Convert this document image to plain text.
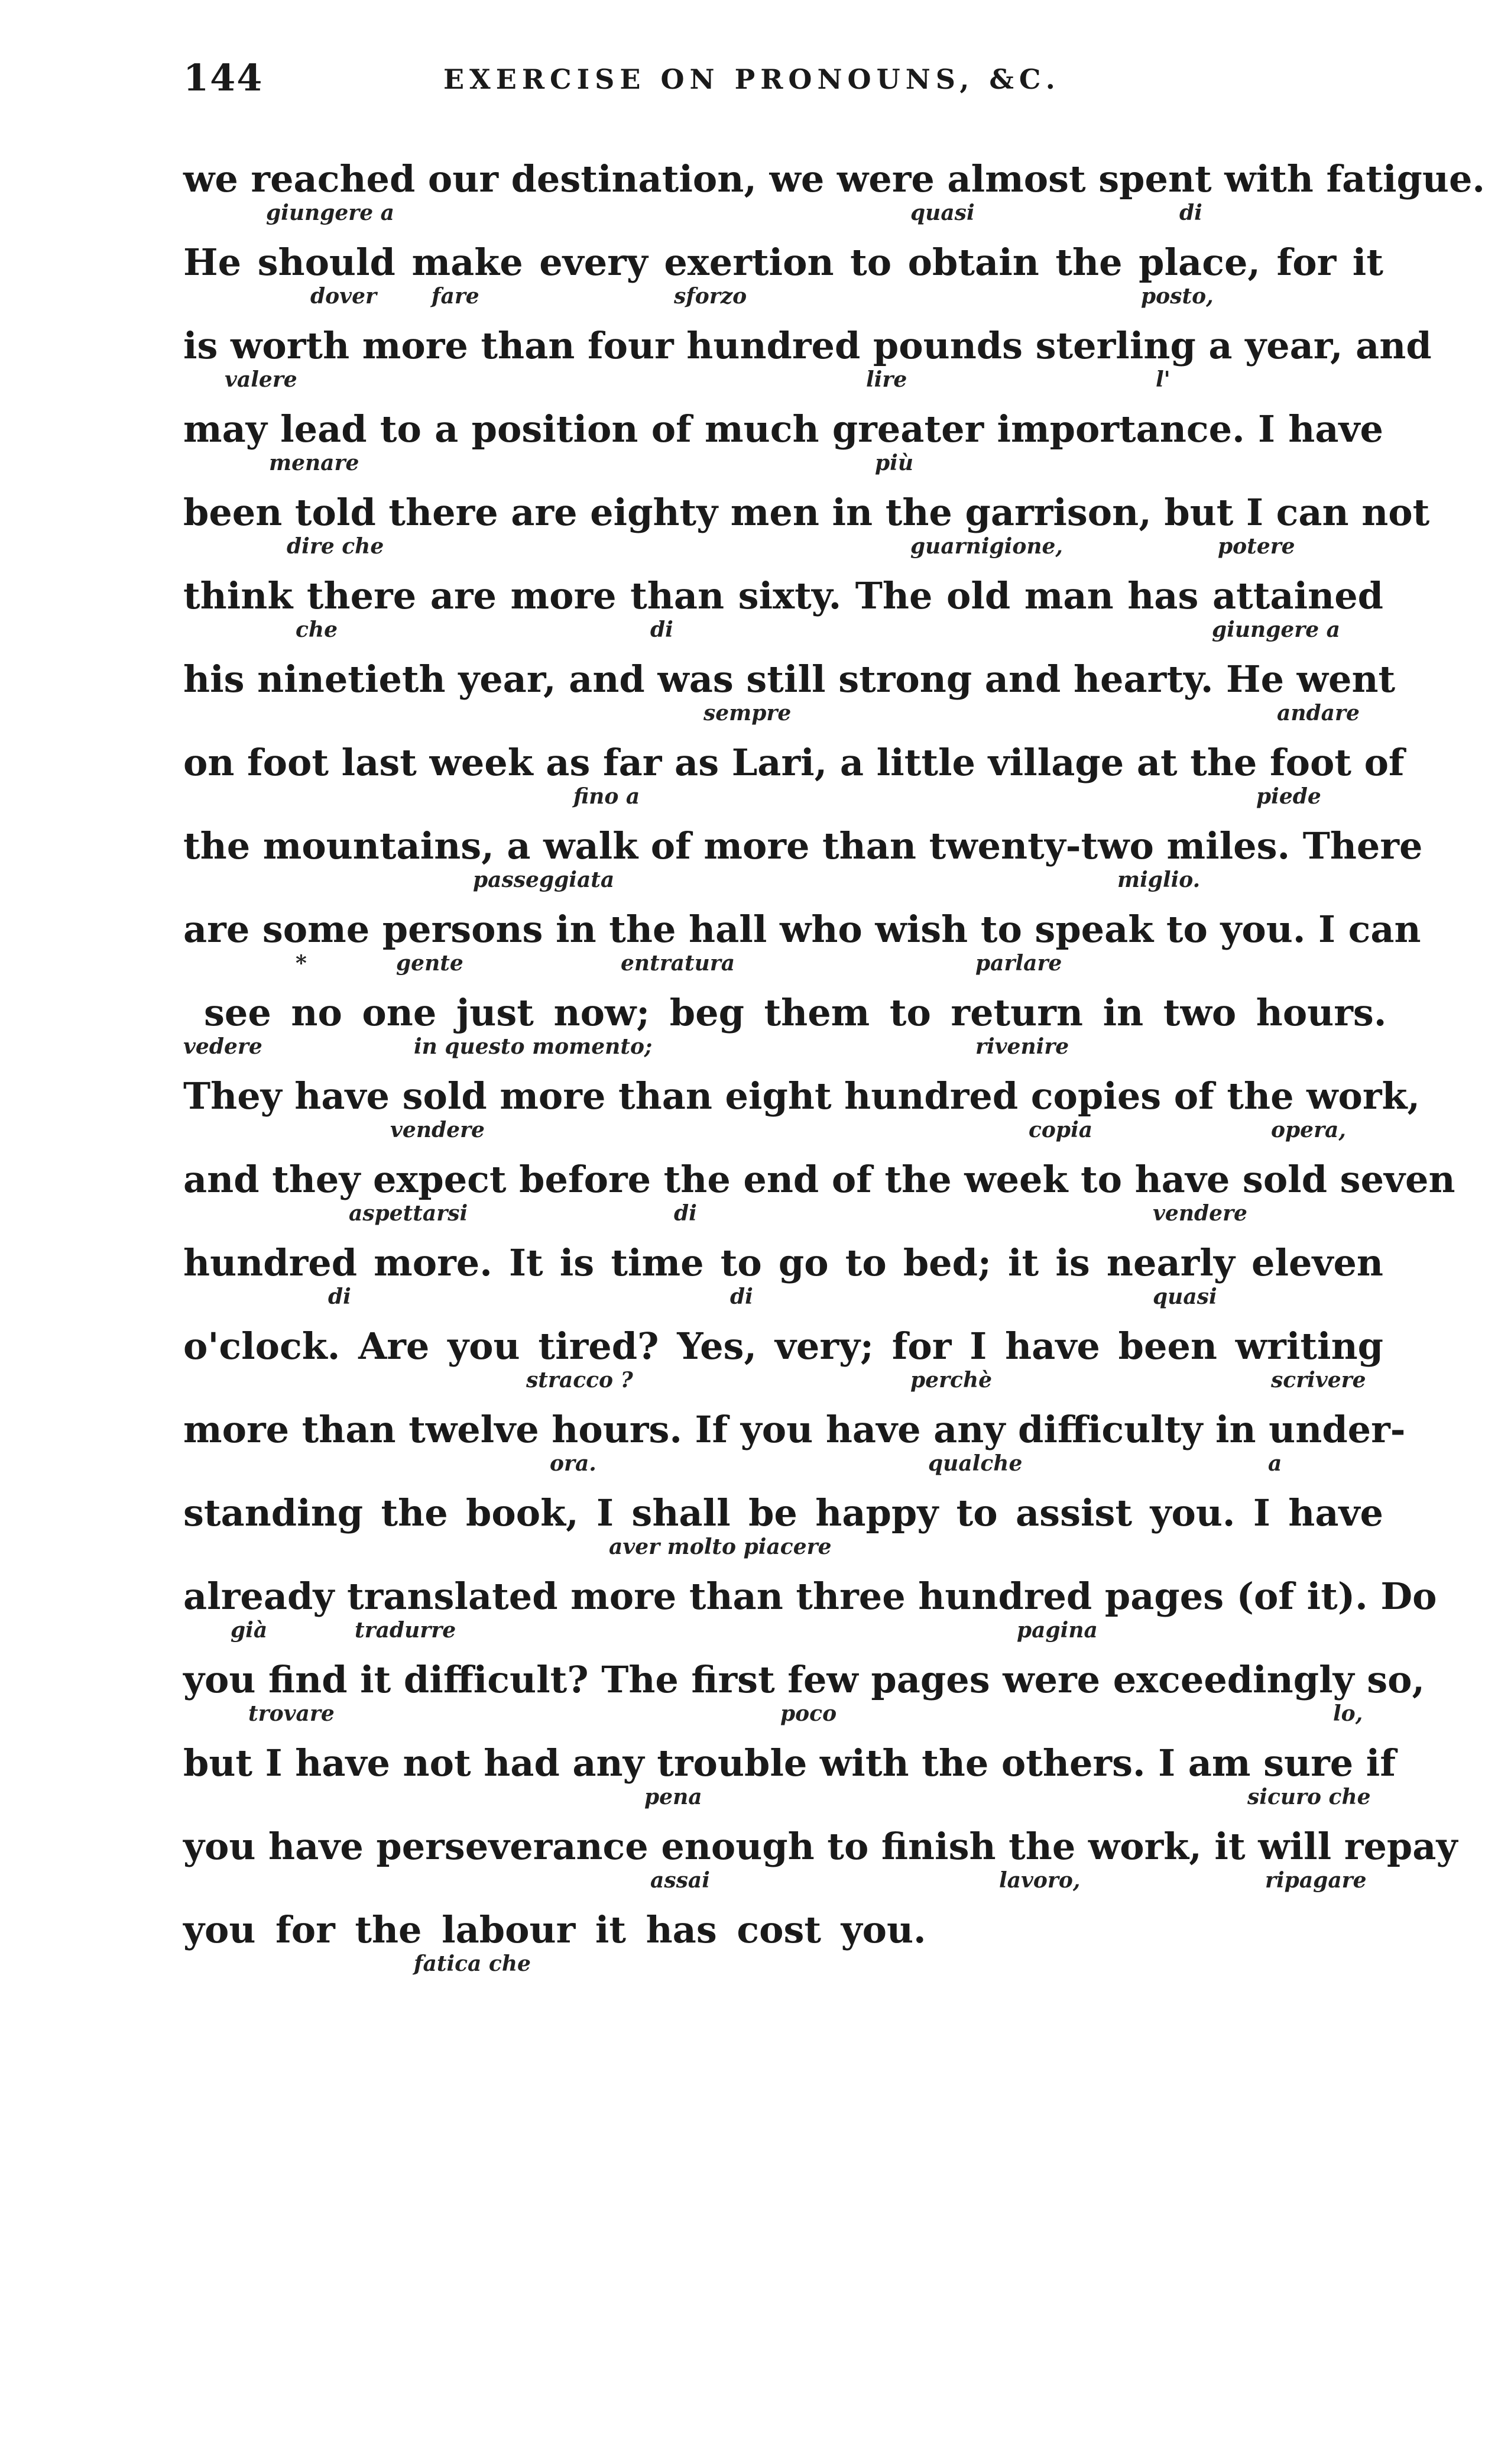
144	EXERCISE ON PRONOUNS, &C.
we reached our destination, we were almost spent with fatigue.
giungere a	quasi	di
He should make every exertion to obtain the place, for it
dover	fare	sforzo	posto,
is worth more than four hundred pounds sterling a year, and
valere	lire	l'
may lead to a position of much greater importance. I have
menare	più
been told there are eighty men in the garrison, but I can not
dire che	guarnigione,	potere
think there are more than sixty. The old man has attained
che	di	giungere a
his ninetieth year, and was still strong and hearty. He went
sempre	andare
on foot last week as far as Lari, a little village at the foot of
fino a	piede
the mountains, a walk of more than twenty-two miles. There
passeggiata	miglio.
are some persons in the hall who wish to speak to you. I can
*	gente	entratura	parlare
see no one just now; beg them to return in two hours.
vedere	in questo momento;	rivenire
They have sold more than eight hundred copies of the work,
vendere	copia	opera,
and they expect before the end of the week to have sold seven
aspettarsi	di	vendere
hundred more. It is time to go to bed; it is nearly eleven
di	di	quasi
o'clock. Are you tired? Yes, very; for I have been writing
stracco ?	perchè	scrivere
more than twelve hours. If you have any difficulty in under-
ora.	qualche	a
standing the book, I shall be happy to assist you. I have
aver molto piacere
already translated more than three hundred pages (of it). Do
già	tradurre	pagina
you find it difficult? The first few pages were exceedingly so,
trovare	poco	lo,
but I have not had any trouble with the others. I am sure if
pena	sicuro che
you have perseverance enough to finish the work, it will repay
assai	lavoro,	ripagare
you for the labour it has cost you.
fatica che
